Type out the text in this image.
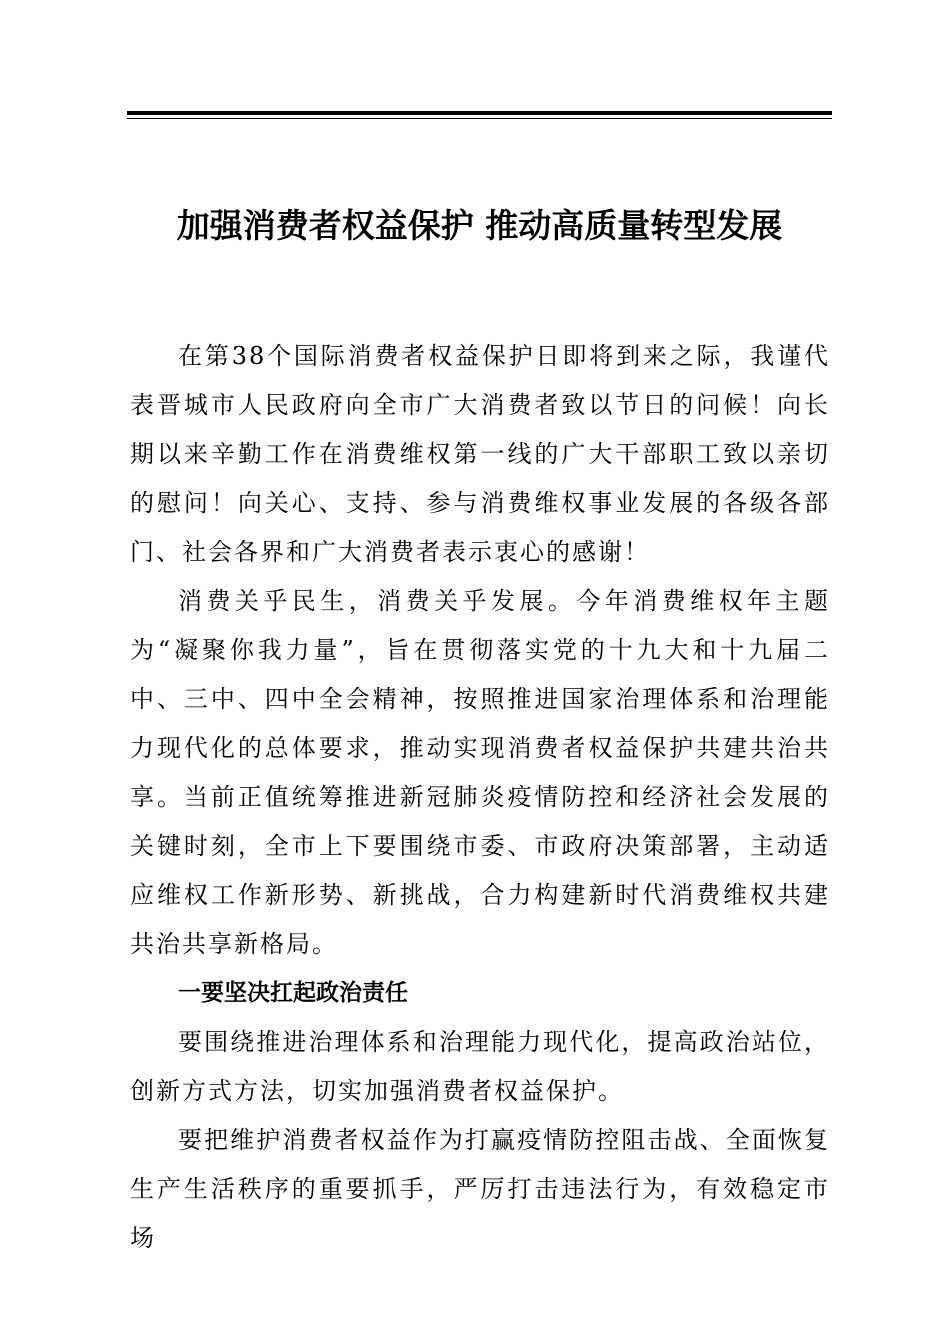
加强消费者权益保护 推动高质量转型发展

在第38个国际消费者权益保护日即将到来之际，我谨代表晋城市人民政府向全市广大消费者致以节日的问候！向长期以来辛勤工作在消费维权第一线的广大干部职工致以亲切的慰问！向关心、支持、参与消费维权事业发展的各级各部门、社会各界和广大消费者表示衷心的感谢！

消费关乎民生，消费关乎发展。今年消费维权年主题为“凝聚你我力量”，旨在贯彻落实党的十九大和十九届二中、三中、四中全会精神，按照推进国家治理体系和治理能力现代化的总体要求，推动实现消费者权益保护共建共治共享。当前正值统筹推进新冠肺炎疫情防控和经济社会发展的关键时刻，全市上下要围绕市委、市政府决策部署，主动适应维权工作新形势、新挑战，合力构建新时代消费维权共建共治共享新格局。

一要坚决扛起政治责任

要围绕推进治理体系和治理能力现代化，提高政治站位，创新方式方法，切实加强消费者权益保护。

要把维护消费者权益作为打赢疫情防控阻击战、全面恢复生产生活秩序的重要抓手，严厉打击违法行为，有效稳定市场
